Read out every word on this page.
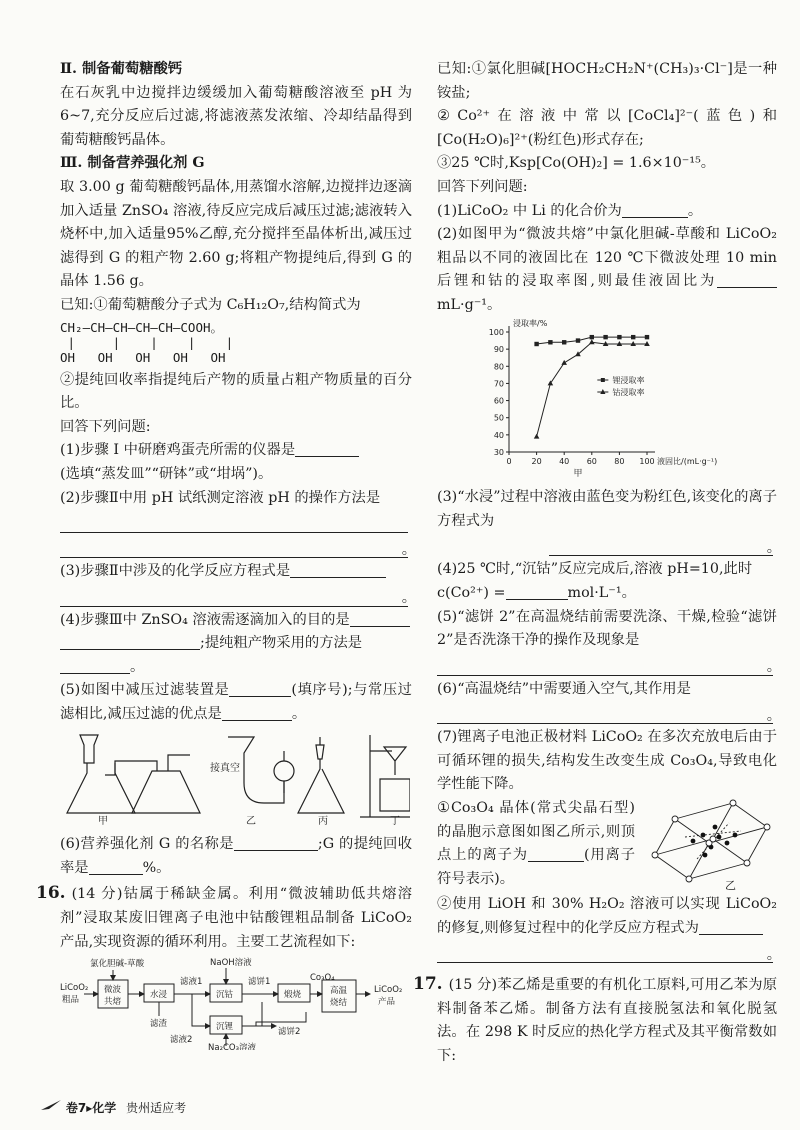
Ⅱ. 制备葡萄糖酸钙

在石灰乳中边搅拌边缓缓加入葡萄糖酸溶液至 pH 为6~7,充分反应后过滤,将滤液蒸发浓缩、冷却结晶得到葡萄糖酸钙晶体。

Ⅲ. 制备营养强化剂 G

取 3.00 g 葡萄糖酸钙晶体,用蒸馏水溶解,边搅拌边逐滴加入适量 ZnSO₄ 溶液,待反应完成后减压过滤;滤液转入烧杯中,加入适量95%乙醇,充分搅拌至晶体析出,减压过滤得到 G 的粗产物 2.60 g;将粗产物提纯后,得到 G 的晶体 1.56 g。

已知:①葡萄糖酸分子式为 C₆H₁₂O₇,结构简式为

CH₂—CH—CH—CH—CH—COOH。
|     |    |    |    |
OH   OH   OH   OH   OH

②提纯回收率指提纯后产物的质量占粗产物质量的百分比。

回答下列问题:

(1)步骤 Ⅰ 中研磨鸡蛋壳所需的仪器是

(选填“蒸发皿”“研钵”或“坩埚”)。

(2)步骤Ⅱ中用 pH 试纸测定溶液 pH 的操作方法是

。

(3)步骤Ⅱ中涉及的化学反应方程式是

。

(4)步骤Ⅲ中 ZnSO₄ 溶液需逐滴加入的目的是

;提纯粗产物采用的方法是

。

(5)如图中减压过滤装置是	(填序号);与常压过滤相比,减压过滤的优点是	。

接真空
甲	乙	丙	丁

(6)营养强化剂 G 的名称是	;G 的提纯回收率是	%。

16. (14 分)钴属于稀缺金属。利用“微波辅助低共熔溶剂”浸取某废旧锂离子电池中钴酸锂粗品制备 LiCoO₂ 产品,实现资源的循环利用。主要工艺流程如下:

氯化胆碱-草酸	NaOH溶液
LiCoO₂
粗品
微波
共熔
水浸	沉钴	煅烧
沉锂
高温
烧结
滤液1	滤饼1	Co₃O₄
滤渣
滤液2
滤饼2
Na₂CO₃溶液
LiCoO₂
产品

已知:①氯化胆碱[HOCH₂CH₂N⁺(CH₃)₃·Cl⁻]是一种铵盐;

②Co²⁺在溶液中常以[CoCl₄]²⁻(蓝色)和[Co(H₂O)₆]²⁺(粉红色)形式存在;

③25 ℃时,Ksp[Co(OH)₂] = 1.6×10⁻¹⁵。

回答下列问题:

(1)LiCoO₂ 中 Li 的化合价为	。

(2)如图甲为“微波共熔”中氯化胆碱-草酸和 LiCoO₂ 粗品以不同的液固比在 120 ℃下微波处理 10 min 后锂和钴的浸取率图,则最佳液固比为mL·g⁻¹。

30
40
50
60
70
80
90
100
0 20 40 60 80 100
浸取率/%
液固比/(mL·g⁻¹)
甲
锂浸取率
钴浸取率

(3)“水浸”过程中溶液由蓝色变为粉红色,该变化的离子方程式为

。

(4)25 ℃时,“沉钴”反应完成后,溶液 pH=10,此时

c(Co²⁺) =	mol·L⁻¹。

(5)“滤饼 2”在高温烧结前需要洗涤、干燥,检验“滤饼 2”是否洗涤干净的操作及现象是

。

(6)“高温烧结”中需要通入空气,其作用是

。

(7)锂离子电池正极材料 LiCoO₂ 在多次充放电后由于可循环锂的损失,结构发生改变生成 Co₃O₄,导致电化学性能下降。

①Co₃O₄ 晶体(常式尖晶石型)的晶胞示意图如图乙所示,则顶点上的离子为	(用离子符号表示)。	乙

②使用 LiOH 和 30% H₂O₂ 溶液可以实现 LiCoO₂ 的修复,则修复过程中的化学反应方程式为

。

17. (15 分)苯乙烯是重要的有机化工原料,可用乙苯为原料制备苯乙烯。制备方法有直接脱氢法和氧化脱氢法。在 298 K 时反应的热化学方程式及其平衡常数如下:

卷7▸化学 贵州适应考
